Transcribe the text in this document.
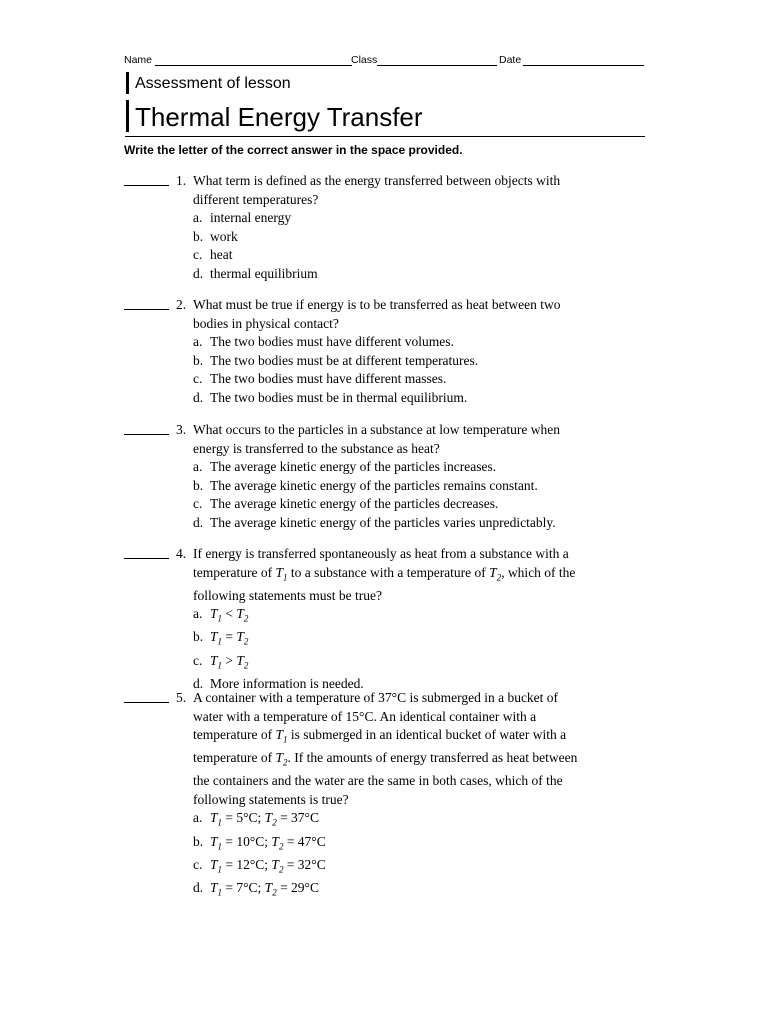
Name	Class	Date
Assessment of lesson
Thermal Energy Transfer
Write the letter of the correct answer in the space provided.
1. What term is defined as the energy transferred between objects with
different temperatures?
a. internal energy
b. work
c. heat
d. thermal equilibrium
2. What must be true if energy is to be transferred as heat between two
bodies in physical contact?
a. The two bodies must have different volumes.
b. The two bodies must be at different temperatures.
c. The two bodies must have different masses.
d. The two bodies must be in thermal equilibrium.
3. What occurs to the particles in a substance at low temperature when
energy is transferred to the substance as heat?
a. The average kinetic energy of the particles increases.
b. The average kinetic energy of the particles remains constant.
c. The average kinetic energy of the particles decreases.
d. The average kinetic energy of the particles varies unpredictably.
4. If energy is transferred spontaneously as heat from a substance with a
temperature of $T_1$ to a substance with a temperature of $T_2$, which of the
following statements must be true?
a. $T_1 < T_2$
b. $T_1 = T_2$
c. $T_1 > T_2$
d. More information is needed.
5. A container with a temperature of 37°C is submerged in a bucket of
water with a temperature of 15°C. An identical container with a
temperature of $T_1$ is submerged in an identical bucket of water with a
temperature of $T_2$. If the amounts of energy transferred as heat between
the containers and the water are the same in both cases, which of the
following statements is true?
a. $T_1 = 5^\circ C$; $T_2 = 37^\circ C$
b. $T_1 = 10^\circ C$; $T_2 = 47^\circ C$
c. $T_1 = 12^\circ C$; $T_2 = 32^\circ C$
d. $T_1 = 7^\circ C$; $T_2 = 29^\circ C$
